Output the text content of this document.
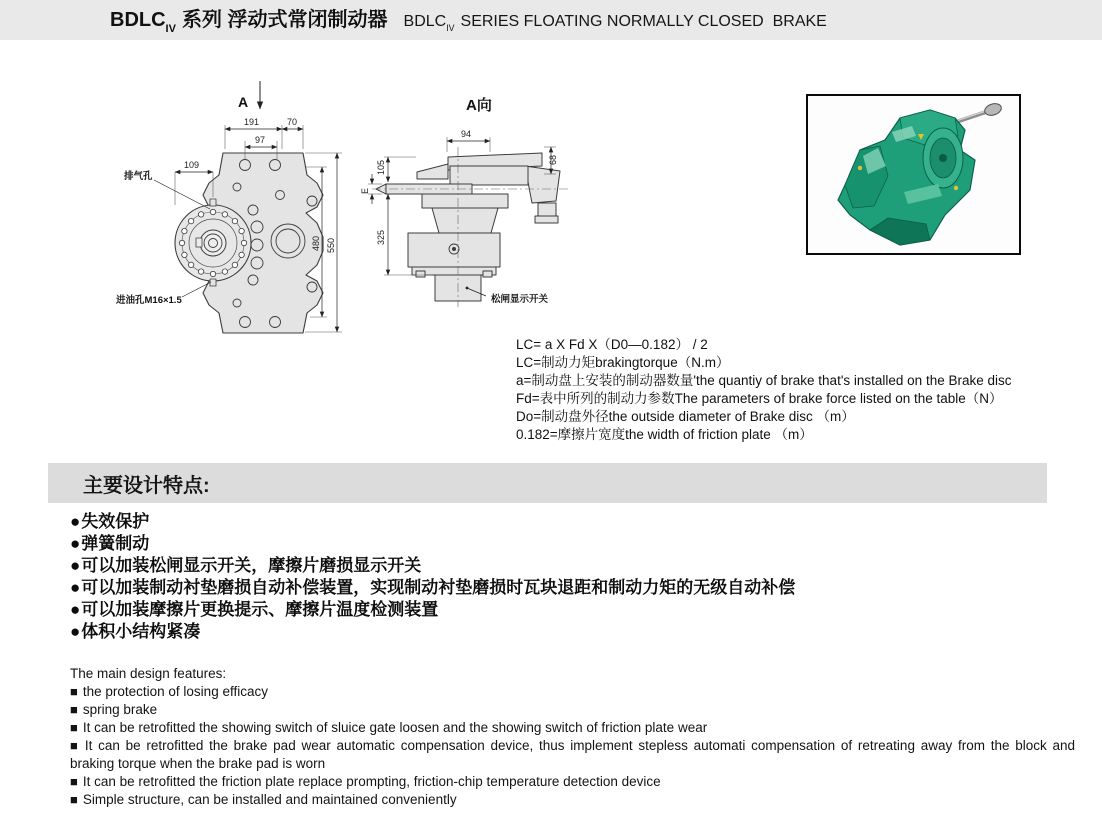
$BDLC_{IV}$ 系列 浮动式常闭制动器 $BDLC_{IV}$ SERIES FLOATING NORMALLY CLOSED  BRAKE
A
191	70
97
109
480 550
排气孔
进油孔M16×1.5
A向
94
68
105
E
325
松闸显示开关
LC= a X Fd X（D0—0.182） / 2
LC=制动力矩brakingtorque（N.m）
a=制动盘上安装的制动器数量'the quantiy of brake that's installed on the Brake disc
Fd=表中所列的制动力参数The parameters of brake force listed on the table（N）
Do=制动盘外径the outside diameter of Brake disc （m）
0.182=摩擦片宽度the width of friction plate （m）
主要设计特点:
●失效保护
●弹簧制动
●可以加装松闸显示开关，摩擦片磨损显示开关
●可以加装制动衬垫磨损自动补偿装置，实现制动衬垫磨损时瓦块退距和制动力矩的无级自动补偿
●可以加装摩擦片更换提示、摩擦片温度检测装置
●体积小结构紧凑
The main design features:
■ the protection of losing efficacy
■ spring brake
■ It can be retrofitted the showing switch of sluice gate loosen and the showing switch of friction plate wear
■ It can be retrofitted the brake pad wear automatic compensation device, thus implement stepless automati compensation of retreating away from the block and braking torque when the brake pad is worn
■ It can be retrofitted the friction plate replace prompting, friction-chip temperature detection device
■ Simple structure, can be installed and maintained conveniently
